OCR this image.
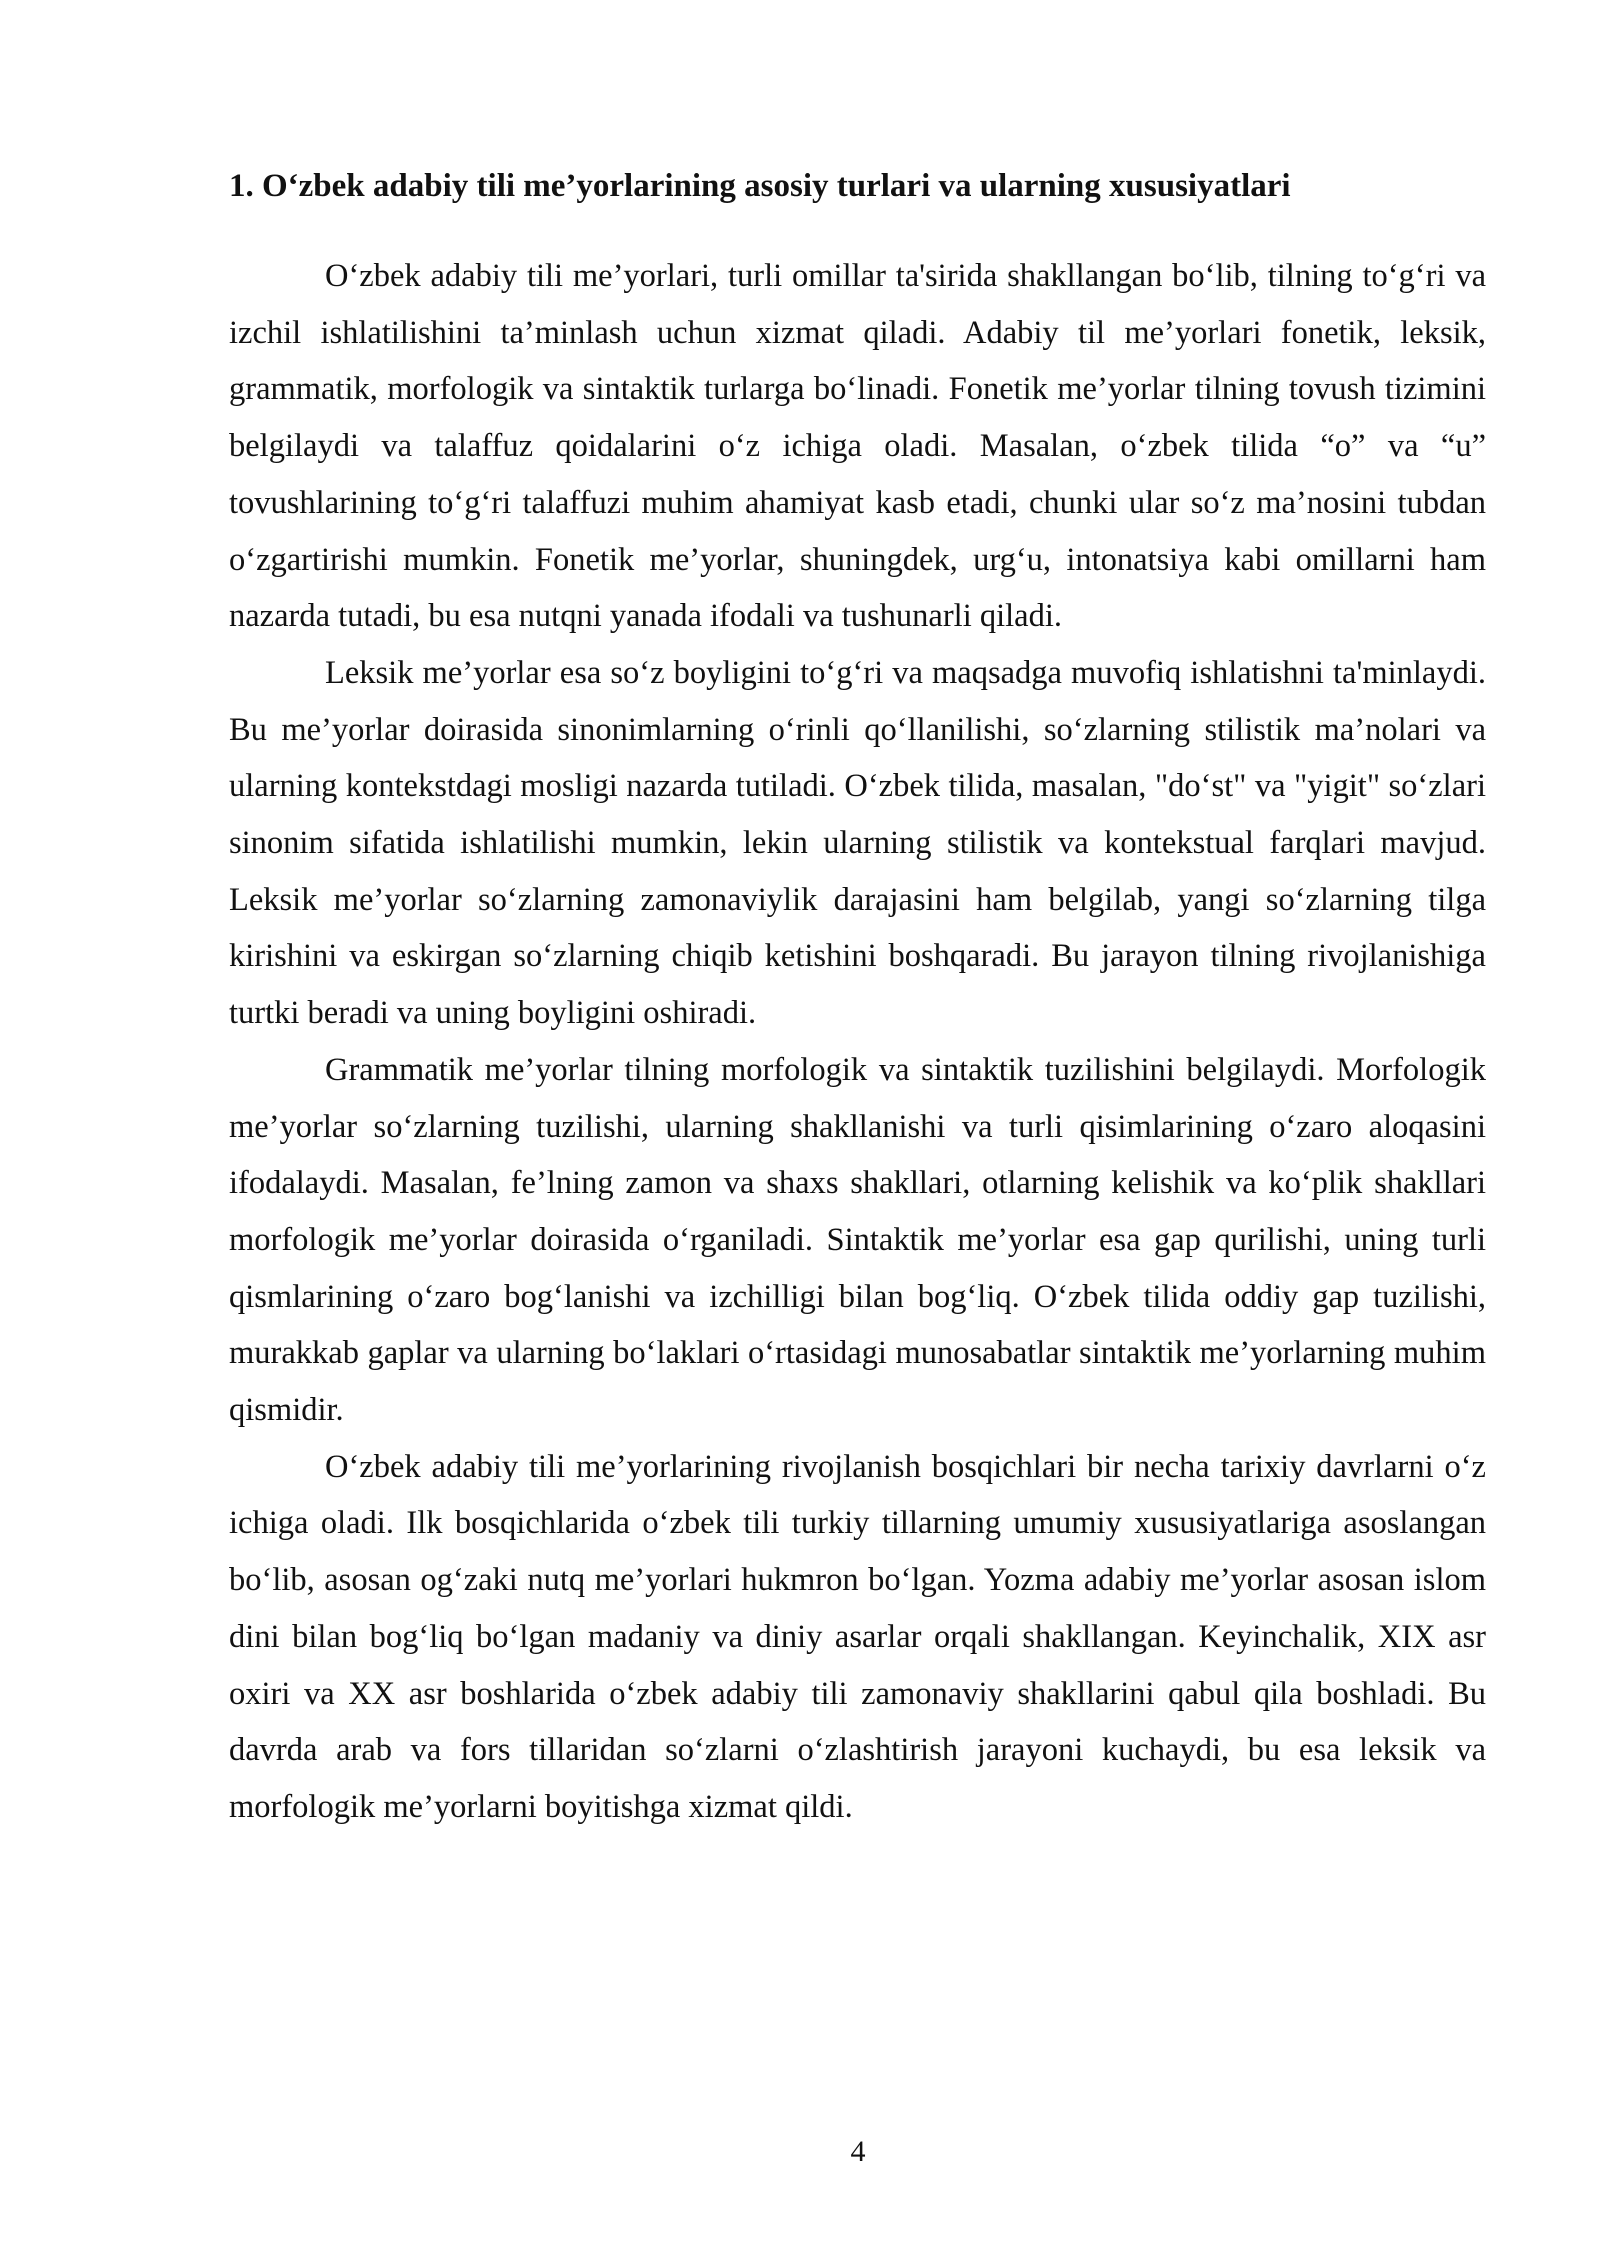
1. O‘zbek adabiy tili me’yorlarining asosiy turlari va ularning xususiyatlari

O‘zbek adabiy tili me’yorlari, turli omillar ta'sirida shakllangan bo‘lib, tilning to‘g‘ri va izchil ishlatilishini ta’minlash uchun xizmat qiladi. Adabiy til me’yorlari fonetik, leksik, grammatik, morfologik va sintaktik turlarga bo‘linadi. Fonetik me’yorlar tilning tovush tizimini belgilaydi va talaffuz qoidalarini o‘z ichiga oladi. Masalan, o‘zbek tilida “o” va “u” tovushlarining to‘g‘ri talaffuzi muhim ahamiyat kasb etadi, chunki ular so‘z ma’nosini tubdan o‘zgartirishi mumkin. Fonetik me’yorlar, shuningdek, urg‘u, intonatsiya kabi omillarni ham nazarda tutadi, bu esa nutqni yanada ifodali va tushunarli qiladi.

Leksik me’yorlar esa so‘z boyligini to‘g‘ri va maqsadga muvofiq ishlatishni ta'minlaydi. Bu me’yorlar doirasida sinonimlarning o‘rinli qo‘llanilishi, so‘zlarning stilistik ma’nolari va ularning kontekstdagi mosligi nazarda tutiladi. O‘zbek tilida, masalan, "do‘st" va "yigit" so‘zlari sinonim sifatida ishlatilishi mumkin, lekin ularning stilistik va kontekstual farqlari mavjud. Leksik me’yorlar so‘zlarning zamonaviylik darajasini ham belgilab, yangi so‘zlarning tilga kirishini va eskirgan so‘zlarning chiqib ketishini boshqaradi. Bu jarayon tilning rivojlanishiga turtki beradi va uning boyligini oshiradi.

Grammatik me’yorlar tilning morfologik va sintaktik tuzilishini belgilaydi. Morfologik me’yorlar so‘zlarning tuzilishi, ularning shakllanishi va turli qisimlarining o‘zaro aloqasini ifodalaydi. Masalan, fe’lning zamon va shaxs shakllari, otlarning kelishik va ko‘plik shakllari morfologik me’yorlar doirasida o‘rganiladi. Sintaktik me’yorlar esa gap qurilishi, uning turli qismlarining o‘zaro bog‘lanishi va izchilligi bilan bog‘liq. O‘zbek tilida oddiy gap tuzilishi, murakkab gaplar va ularning bo‘laklari o‘rtasidagi munosabatlar sintaktik me’yorlarning muhim qismidir.

O‘zbek adabiy tili me’yorlarining rivojlanish bosqichlari bir necha tarixiy davrlarni o‘z ichiga oladi. Ilk bosqichlarida o‘zbek tili turkiy tillarning umumiy xususiyatlariga asoslangan bo‘lib, asosan og‘zaki nutq me’yorlari hukmron bo‘lgan. Yozma adabiy me’yorlar asosan islom dini bilan bog‘liq bo‘lgan madaniy va diniy asarlar orqali shakllangan. Keyinchalik, XIX asr oxiri va XX asr boshlarida o‘zbek adabiy tili zamonaviy shakllarini qabul qila boshladi. Bu davrda arab va fors tillaridan so‘zlarni o‘zlashtirish jarayoni kuchaydi, bu esa leksik va morfologik me’yorlarni boyitishga xizmat qildi.

4
